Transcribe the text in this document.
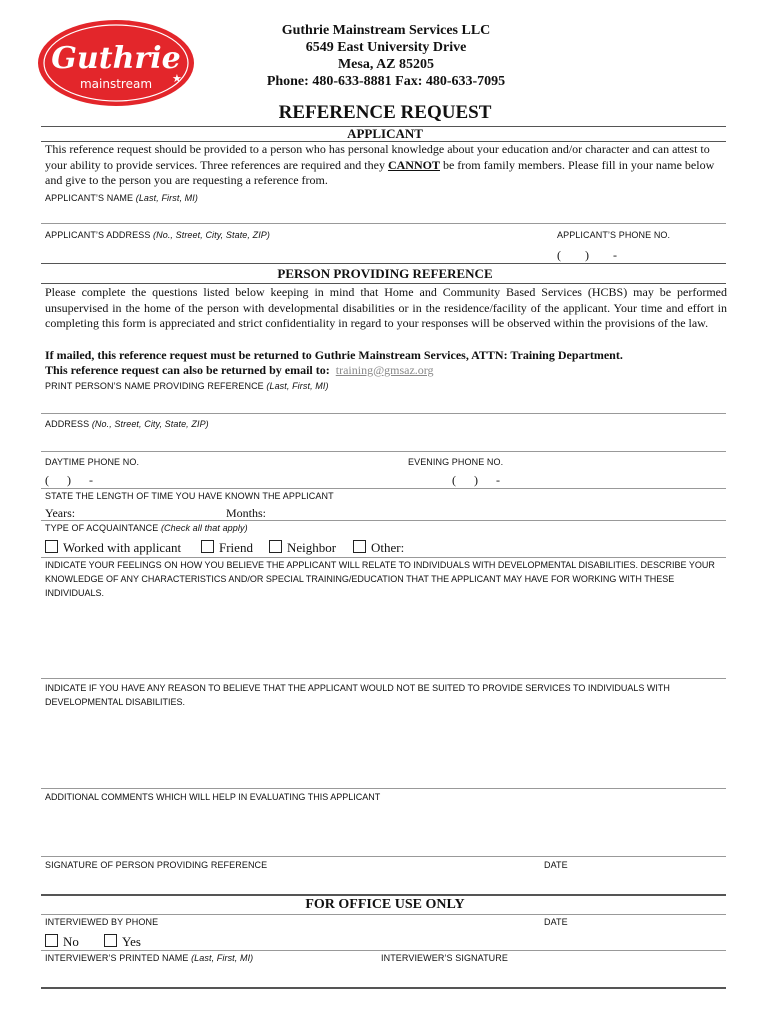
Guthrie
mainstream ★
Guthrie Mainstream Services LLC
6549 East University Drive
Mesa, AZ 85205
Phone: 480-633-8881 Fax: 480-633-7095
REFERENCE REQUEST
APPLICANT
This reference request should be provided to a person who has personal knowledge about your education and/or character and can attest to your ability to provide services. Three references are required and they CANNOT be from family members. Please fill in your name below and give to the person you are requesting a reference from.
APPLICANT’S NAME (Last, First, MI)
APPLICANT’S ADDRESS (No., Street, City, State, ZIP)	APPLICANT’S PHONE NO.
(        )        -
PERSON PROVIDING REFERENCE
Please complete the questions listed below keeping in mind that Home and Community Based Services (HCBS) may be performed unsupervised in the home of the person with developmental disabilities or in the residence/facility of the applicant. Your time and effort in completing this form is appreciated and strict confidentiality in regard to your responses will be observed within the provisions of the law.
If mailed, this reference request must be returned to Guthrie Mainstream Services, ATTN: Training Department.
This reference request can also be returned by email to: training@gmsaz.org
PRINT PERSON’S NAME PROVIDING REFERENCE (Last, First, MI)
ADDRESS (No., Street, City, State, ZIP)
DAYTIME PHONE NO.	EVENING PHONE NO.
(      )      -	(      )      -
STATE THE LENGTH OF TIME YOU HAVE KNOWN THE APPLICANT
Years:	Months:
TYPE OF ACQUAINTANCE (Check all that apply)
Worked with applicant	Friend	Neighbor	Other:
INDICATE YOUR FEELINGS ON HOW YOU BELIEVE THE APPLICANT WILL RELATE TO INDIVIDUALS WITH DEVELOPMENTAL DISABILITIES. DESCRIBE YOUR KNOWLEDGE OF ANY CHARACTERISTICS AND/OR SPECIAL TRAINING/EDUCATION THAT THE APPLICANT MAY HAVE FOR WORKING WITH THESE INDIVIDUALS.
INDICATE IF YOU HAVE ANY REASON TO BELIEVE THAT THE APPLICANT WOULD NOT BE SUITED TO PROVIDE SERVICES TO INDIVIDUALS WITH DEVELOPMENTAL DISABILITIES.
ADDITIONAL COMMENTS WHICH WILL HELP IN EVALUATING THIS APPLICANT
SIGNATURE OF PERSON PROVIDING REFERENCE	DATE
FOR OFFICE USE ONLY
INTERVIEWED BY PHONE	DATE
No	Yes
INTERVIEWER’S PRINTED NAME (Last, First, MI)	INTERVIEWER’S SIGNATURE
